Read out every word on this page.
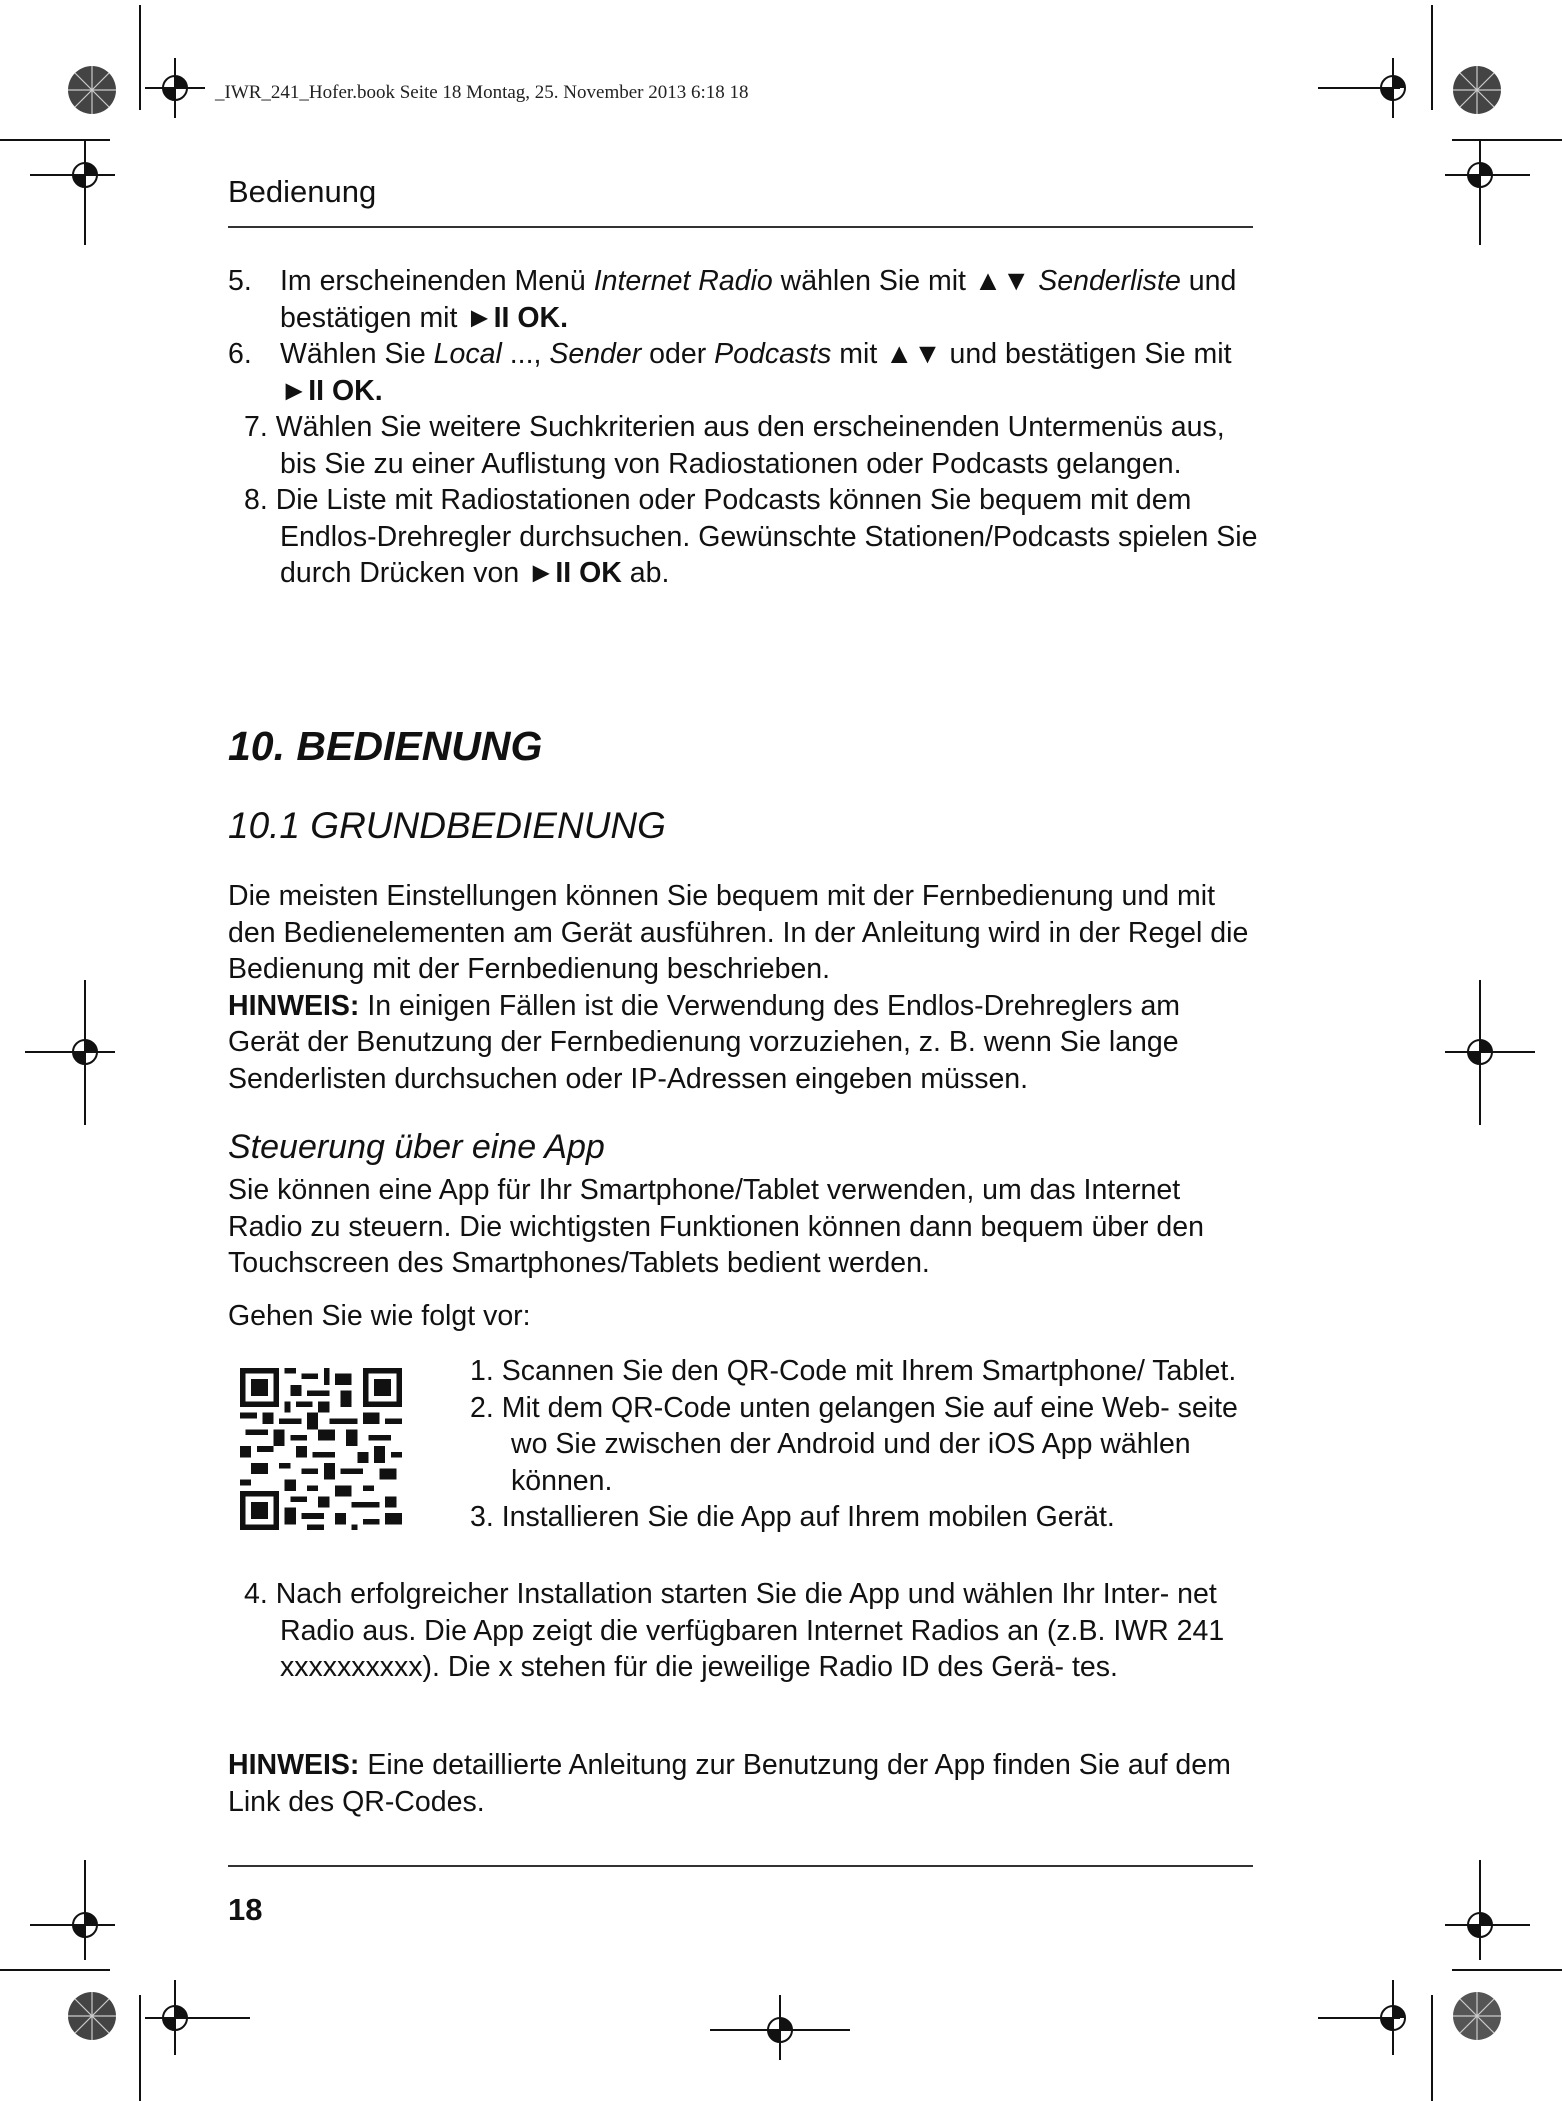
_IWR_241_Hofer.book Seite 18 Montag, 25. November 2013 6:18 18
Bedienung
5. Im erscheinenden Menü Internet Radio wählen Sie mit ▲▼ Senderliste und bestätigen mit ►II OK.
6. Wählen Sie Local ..., Sender oder Podcasts mit ▲▼ und bestätigen Sie mit ►II OK.
7. Wählen Sie weitere Suchkriterien aus den erscheinenden Untermenüs aus, bis Sie zu einer Auflistung von Radiostationen oder Podcasts gelangen.
8. Die Liste mit Radiostationen oder Podcasts können Sie bequem mit dem Endlos-Drehregler durchsuchen. Gewünschte Stationen/Podcasts spielen Sie durch Drücken von ►II OK ab.
10. BEDIENUNG
10.1 GRUNDBEDIENUNG
Die meisten Einstellungen können Sie bequem mit der Fernbedienung und mit den Bedienelementen am Gerät ausführen. In der Anleitung wird in der Regel die Bedienung mit der Fernbedienung beschrieben.
HINWEIS: In einigen Fällen ist die Verwendung des Endlos-Drehreglers am Gerät der Benutzung der Fernbedienung vorzuziehen, z. B. wenn Sie lange Senderlisten durchsuchen oder IP-Adressen eingeben müssen.
Steuerung über eine App
Sie können eine App für Ihr Smartphone/Tablet verwenden, um das Internet Radio zu steuern. Die wichtigsten Funktionen können dann bequem über den Touchscreen des Smartphones/Tablets bedient werden.
Gehen Sie wie folgt vor:
1. Scannen Sie den QR-Code mit Ihrem Smartphone/ Tablet.
2. Mit dem QR-Code unten gelangen Sie auf eine Web- seite wo Sie zwischen der Android und der iOS App wählen können.
3. Installieren Sie die App auf Ihrem mobilen Gerät.
4. Nach erfolgreicher Installation starten Sie die App und wählen Ihr Inter- net Radio aus. Die App zeigt die verfügbaren Internet Radios an (z.B. IWR 241 xxxxxxxxxx). Die x stehen für die jeweilige Radio ID des Gerä- tes.
HINWEIS: Eine detaillierte Anleitung zur Benutzung der App finden Sie auf dem Link des QR-Codes.
18
